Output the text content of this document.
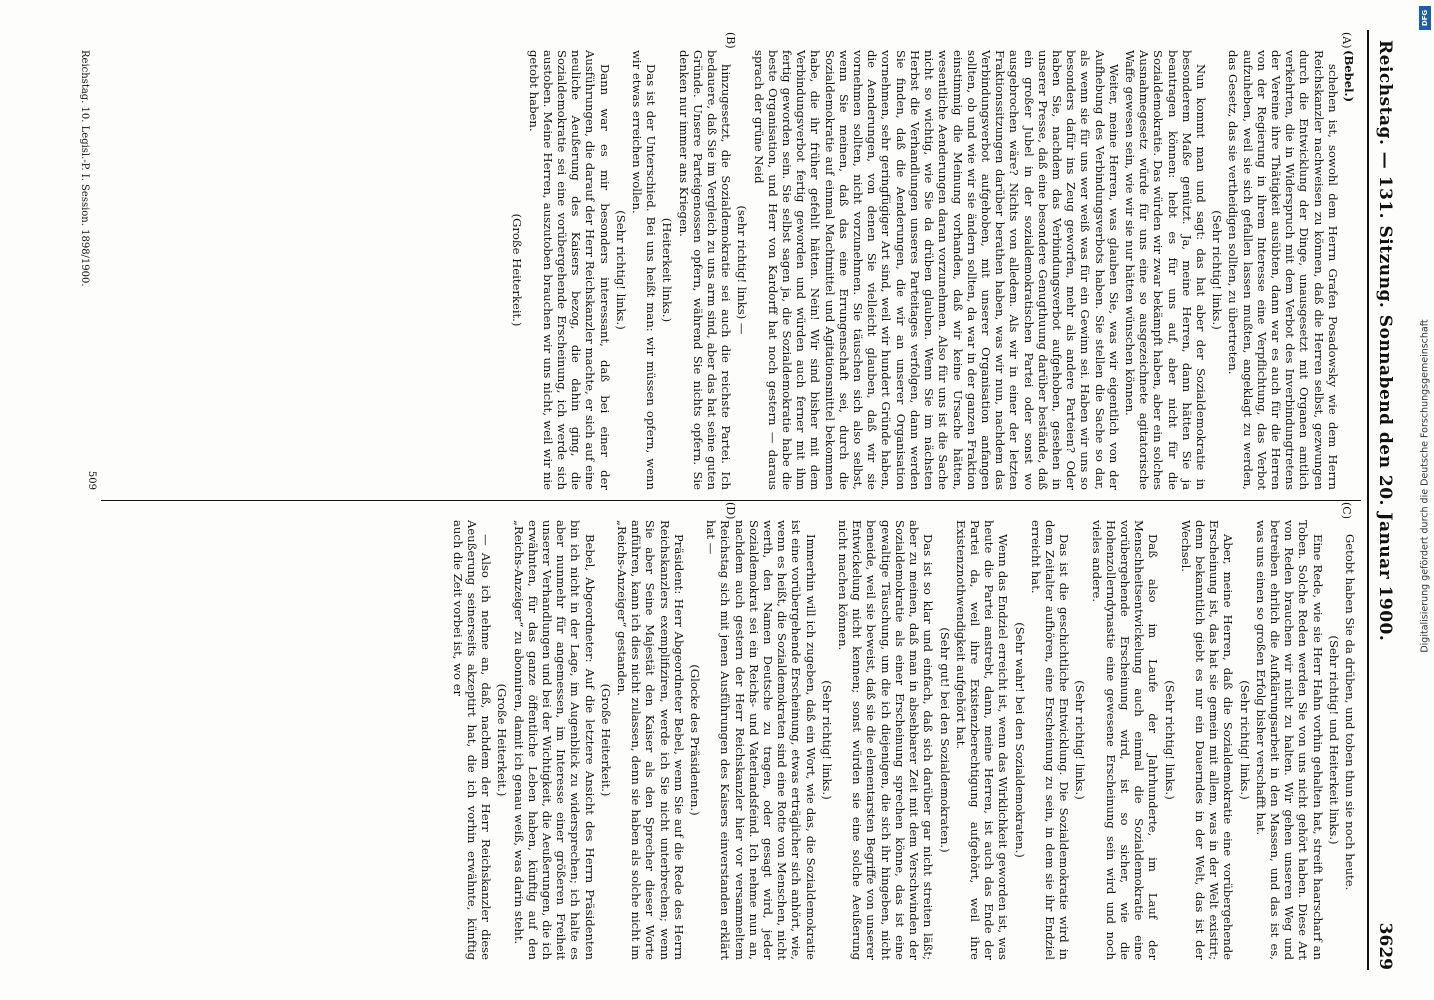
Reichstag. — 131. Sitzung. Sonnabend den 20. Januar 1900.
3629
(A)
(B)
(C)
(D)

(Bebel.)

schehen ist, sowohl dem Herrn Grafen Posadowsky wie dem Herrn Reichskanzler nachweisen zu können, daß die Herren selbst, gezwungen durch die Entwicklung der Dinge, unausgesetzt mit Organen amtlich verkehrten, die in Widerspruch mit dem Verbot des Inverbindungtretens der Vereine ihre Thätigkeit ausübten, dann war es auch für die Herren von der Regierung in ihrem Interesse eine Verpflichtung, das Verbot aufzuheben, weil sie sich gefallen lassen mußten, angeklagt zu werden, das Gesetz, das sie vertheidigen sollten, zu übertreten.

(Sehr richtig! links.)

Nun kommt man und sagt: das hat aber der Sozialdemokratie in besonderem Maße genützt. Ja, meine Herren, dann hätten Sie ja beantragen können: hebt es für uns auf, aber nicht für die Sozialdemokratie. Das würden wir zwar bekämpft haben, aber ein solches Ausnahmegesetz würde für uns eine so ausgezeichnete agitatorische Waffe gewesen sein, wie wir sie nur hätten wünschen können.

Weiter, meine Herren, was glauben Sie, was wir eigentlich von der Aufhebung des Verbindungsverbots haben. Sie stellen die Sache so dar, als wenn sie für uns wer weiß was für ein Gewinn sei. Haben wir uns so besonders dafür ins Zeug geworfen, mehr als andere Parteien? Oder haben Sie, nachdem das Verbindungsverbot aufgehoben, gesehen in unserer Presse, daß eine besondere Genugthuung darüber bestände, daß ein großer Jubel in der sozialdemokratischen Partei oder sonst wo ausgebrochen wäre? Nichts von alledem. Als wir in einer der letzten Fraktionssitzungen darüber berathen haben, was wir nun, nachdem das Verbindungsverbot aufgehoben, mit unserer Organisation anfangen sollten, ob und wie wir sie ändern sollten, da war in der ganzen Fraktion einstimmig die Meinung vorhanden, daß wir keine Ursache hätten, wesentliche Aenderungen daran vorzunehmen. Also für uns ist die Sache nicht so wichtig, wie Sie da drüben glauben. Wenn Sie im nächsten Herbst die Verhandlungen unseres Parteitages verfolgen, dann werden Sie finden, daß die Aenderungen, die wir an unserer Organisation vornehmen, sehr geringfügiger Art sind, weil wir hundert Gründe haben, die Aenderungen, von denen Sie vielleicht glauben, daß wir sie vornehmen sollten, nicht vorzunehmen. Sie täuschen sich also selbst, wenn Sie meinen, daß das eine Errungenschaft sei, durch die Sozialdemokratie auf einmal Machtmittel und Agitationsmittel bekommen habe, die ihr früher gefehlt hätten. Nein! Wir sind bisher mit dem Verbindungsverbot fertig geworden und würden auch ferner mit ihm fertig geworden sein. Sie selbst sagen ja, die Sozialdemokratie habe die beste Organisation, und Herr von Kardorff hat noch gestern — daraus sprach der grüne Neid

(sehr richtig! links) —

hinzugesetzt, die Sozialdemokratie sei auch die reichste Partei. Ich bedauere, daß Sie im Vergleich zu uns arm sind, aber das hat seine guten Gründe. Unsere Parteigenossen opfern, während Sie nichts opfern. Sie denken nur immer ans Kriegen.

(Heiterkeit links.)

Das ist der Unterschied. Bei uns heißt man: wir müssen opfern, wenn wir etwas erreichen wollen.

(Sehr richtig! links.)

Dann war es mir besonders interessant, daß bei einer der Ausführungen, die darauf der Herr Reichskanzler machte, er sich auf eine neuliche Aeußerung des Kaisers bezog, die dahin ging, die Sozialdemokratie sei eine vorübergehende Erscheinung, ich werde sich austoben. Meine Herren, auszutoben brauchen wir uns nicht, weil wir nie getobt haben.

(Große Heiterkeit.)

Getobt haben Sie da drüben, und toben thun sie noch heute.

(Sehr richtig! und Heiterkeit links.)

Eine Rede, wie sie Herr Hahn vorhin gehalten hat, streift haarscharf an Toben. Solche Reden werden Sie von uns nicht gehört haben. Diese Art von Reden brauchen wir nicht zu halten. Wir gehen unseren Weg und betreiben ehrlich die Aufklärungsarbeit in den Massen, und das ist es, was uns einen so großen Erfolg bisher verschafft hat.

(Sehr richtig! links.)

Aber, meine Herren, daß die Sozialdemokratie eine vorübergehende Erscheinung ist, das hat sie gemein mit allem, was in der Welt existirt; denn bekanntlich giebt es nur ein Dauerndes in der Welt, das ist der Wechsel.

(Sehr richtig! links.)

Daß also im Laufe der Jahrhunderte, im Lauf der Menschheitsentwickelung auch einmal die Sozialdemokratie eine vorübergehende Erscheinung wird, ist so sicher, wie die Hohenzollerndynastie eine gewesene Erscheinung sein wird und noch vieles andere.

(Sehr richtig! links.)

Das ist die geschichtliche Entwicklung. Die Sozialdemokratie wird in dem Zeitalter aufhören, eine Erscheinung zu sein, in dem sie ihr Endziel erreicht hat.

(Sehr wahr! bei den Sozialdemokraten.)

Wenn das Endziel erreicht ist, wenn das Wirklichkeit geworden ist, was heute die Partei anstrebt, dann, meine Herren, ist auch das Ende der Partei da, weil ihre Existenzberechtigung aufgehört, weil ihre Existenznothwendigkeit aufgehört hat.

(Sehr gut! bei den Sozialdemokraten.)

Das ist so klar und einfach, daß sich darüber gar nicht streiten läßt; aber zu meinen, daß man in absehbarer Zeit mit dem Verschwinden der Sozialdemokratie als einer Erscheinung sprechen könne, das ist eine gewaltige Täuschung, um die ich diejenigen, die sich ihr hingeben, nicht beneide, weil sie beweist, daß sie die elementarsten Begriffe von unserer Entwickelung nicht kennen; sonst würden sie eine solche Aeußerung nicht machen können.

(Sehr richtig! links.)

Immerhin will ich zugeben, daß ein Wort, wie das, die Sozialdemokratie ist eine vorübergehende Erscheinung, etwas erträglicher sich anhört, wie, wenn es heißt, die Sozialdemokraten sind eine Rotte von Menschen, nicht werth, den Namen Deutsche zu tragen, oder gesagt wird, jeder Sozialdemokrat sei ein Reichs- und Vaterlandsfeind. Ich nehme nun an, nachdem auch gestern der Herr Reichskanzler hier vor versammeltem Reichstag sich mit jenen Ausführungen des Kaisers einverstanden erklärt hat —

(Glocke des Präsidenten.)

Präsident: Herr Abgeordneter Bebel, wenn Sie auf die Rede des Herrn Reichskanzlers exemplifiziren, werde ich Sie nicht unterbrechen; wenn Sie aber Seine Majestät den Kaiser als den Sprecher dieser Worte anführen, kann ich dies nicht zulassen, denn sie haben als solche nicht im „Reichs-Anzeiger“ gestanden.

(Große Heiterkeit.)

Bebel, Abgeordneter: Auf die letztere Ansicht des Herrn Präsidenten bin ich nicht in der Lage, im Augenblick zu widersprechen; ich halte es aber nunmehr für angemessen, im Interesse einer größeren Freiheit unserer Verhandlungen und bei der Wichtigkeit, die Aeußerungen, die ich erwähnten, für das ganze öffentliche Leben haben, künftig auf den „Reichs-Anzeiger“ zu abonniren, damit ich genau weiß, was darin steht.

(Große Heiterkeit.)

— Also ich nehme an, daß, nachdem der Herr Reichskanzler diese Aeußerung seinerseits akzeptirt hat, die ich vorhin erwähnte, künftig auch die Zeit vorbei ist, wo er

Reichstag. 10. Legisl.-P. I. Session. 1898/1900.
509
DFG
Digitalisierung gefördert durch die Deutsche Forschungsgemeinschaft
